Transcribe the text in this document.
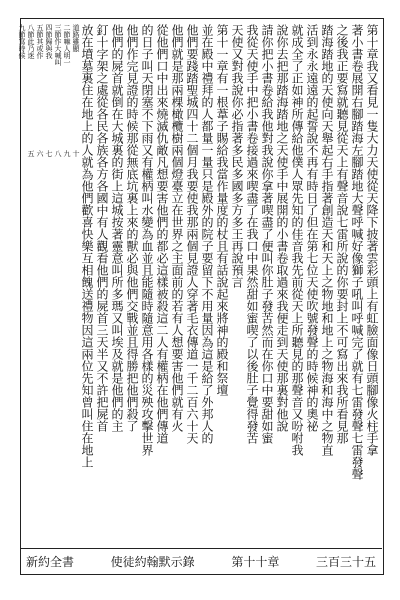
道路雖顯
二節嘛人明一
三節作大喊叫
四節歸與我
五節其或作
八節此乃迷
九節寫時候
十
九
八
七
六
五	第十章我又看見一隻大力天使從天降下披著雲彩頭上有虹臉面像日頭腳像火柱手拿
著小書卷展開右腳踏海左腳踏地大聲呼喊好像獅子吼叫呼喊完了就有七雷發聲七雷發聲
之後我正要寫就聽見從天上有聲音說七雷所說的你要封上不可寫出來我所看見那
踏海踏地的天使向天舉起右手指著創造天和天上之物地和地上之物海和海中之物直
活到永永遠遠的起誓說不再有時日了但在第七位天使吹號發聲的時候神的奧祕
就成全了正如神所傳給他僕人眾先知的佳音我先前從天上所聽見的那聲音又吩咐我
說你去把那踏海踏地之天使手中展開的小書卷取過來我便走到天使那裏對他說
請你把小書卷給我他對我說你拿著喫盡了便叫你肚子發苦然而在你口中要甜如蜜
我從天使手中把小書卷接過來喫盡了在我口中果然甜如蜜喫了以後肚子覺得發苦
天使又對我說你必指著多民多國多方多王再說預言
第十一章有一根葦子賜給我當作量度的杖且有話說起來將神的殿和祭壇
並在殿中禮拜的人都量一量只是殿外的院子要留下不用量因為這是給了外邦人的
他們要踐踏聖城四十二個月我要使我那兩個見證人穿著毛衣傳道一千二百六十天
他們就是那兩棵橄欖樹兩個燈臺立在世界之主面前的若有人想要害他們就有火
從他們口中出來燒滅仇敵凡想要害他們的都必這樣被殺這二人有權柄在他們傳道
的日子叫天閉塞不下雨又有權柄叫水變為血並且能隨時隨意用各樣的災殃攻擊世界
他們作完見證的時候那從無底坑裏上來的獸必與他們交戰並且得勝把他們殺了
他們的屍首就倒在大城裏的街上這城按著靈意叫所多瑪又叫埃及就是他們的主
釘十字架之處從各民各族各方各國中有人觀看他們的屍首三天半又不許把屍首
放在墳墓裏住在地上的人就為他們歡喜快樂互相餽送禮物因這兩位先知曾叫住在地上
新約全書	使徒約翰默示錄	第十十章	三百三十五
